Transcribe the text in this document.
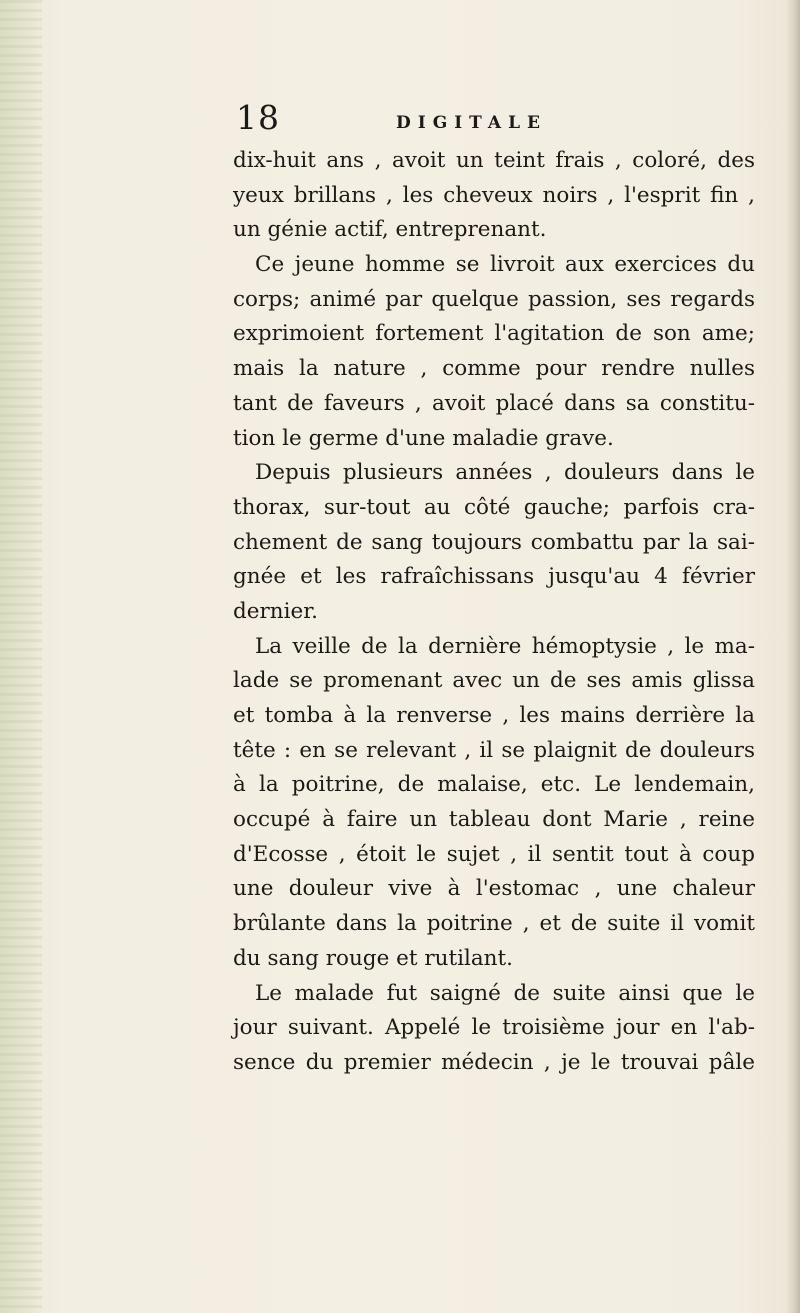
18	DIGITALE
dix-huit ans , avoit un teint frais , coloré, des
yeux brillans , les cheveux noirs , l'esprit fin ,
un génie actif, entreprenant.
Ce jeune homme se livroit aux exercices du
corps; animé par quelque passion, ses regards
exprimoient fortement l'agitation de son ame;
mais la nature , comme pour rendre nulles
tant de faveurs , avoit placé dans sa constitu-
tion le germe d'une maladie grave.
Depuis plusieurs années , douleurs dans le
thorax, sur-tout au côté gauche; parfois cra-
chement de sang toujours combattu par la sai-
gnée et les rafraîchissans jusqu'au 4 février
dernier.
La veille de la dernière hémoptysie , le ma-
lade se promenant avec un de ses amis glissa
et tomba à la renverse , les mains derrière la
tête : en se relevant , il se plaignit de douleurs
à la poitrine, de malaise, etc. Le lendemain,
occupé à faire un tableau dont Marie , reine
d'Ecosse , étoit le sujet , il sentit tout à coup
une douleur vive à l'estomac , une chaleur
brûlante dans la poitrine , et de suite il vomit
du sang rouge et rutilant.
Le malade fut saigné de suite ainsi que le
jour suivant. Appelé le troisième jour en l'ab-
sence du premier médecin , je le trouvai pâle
